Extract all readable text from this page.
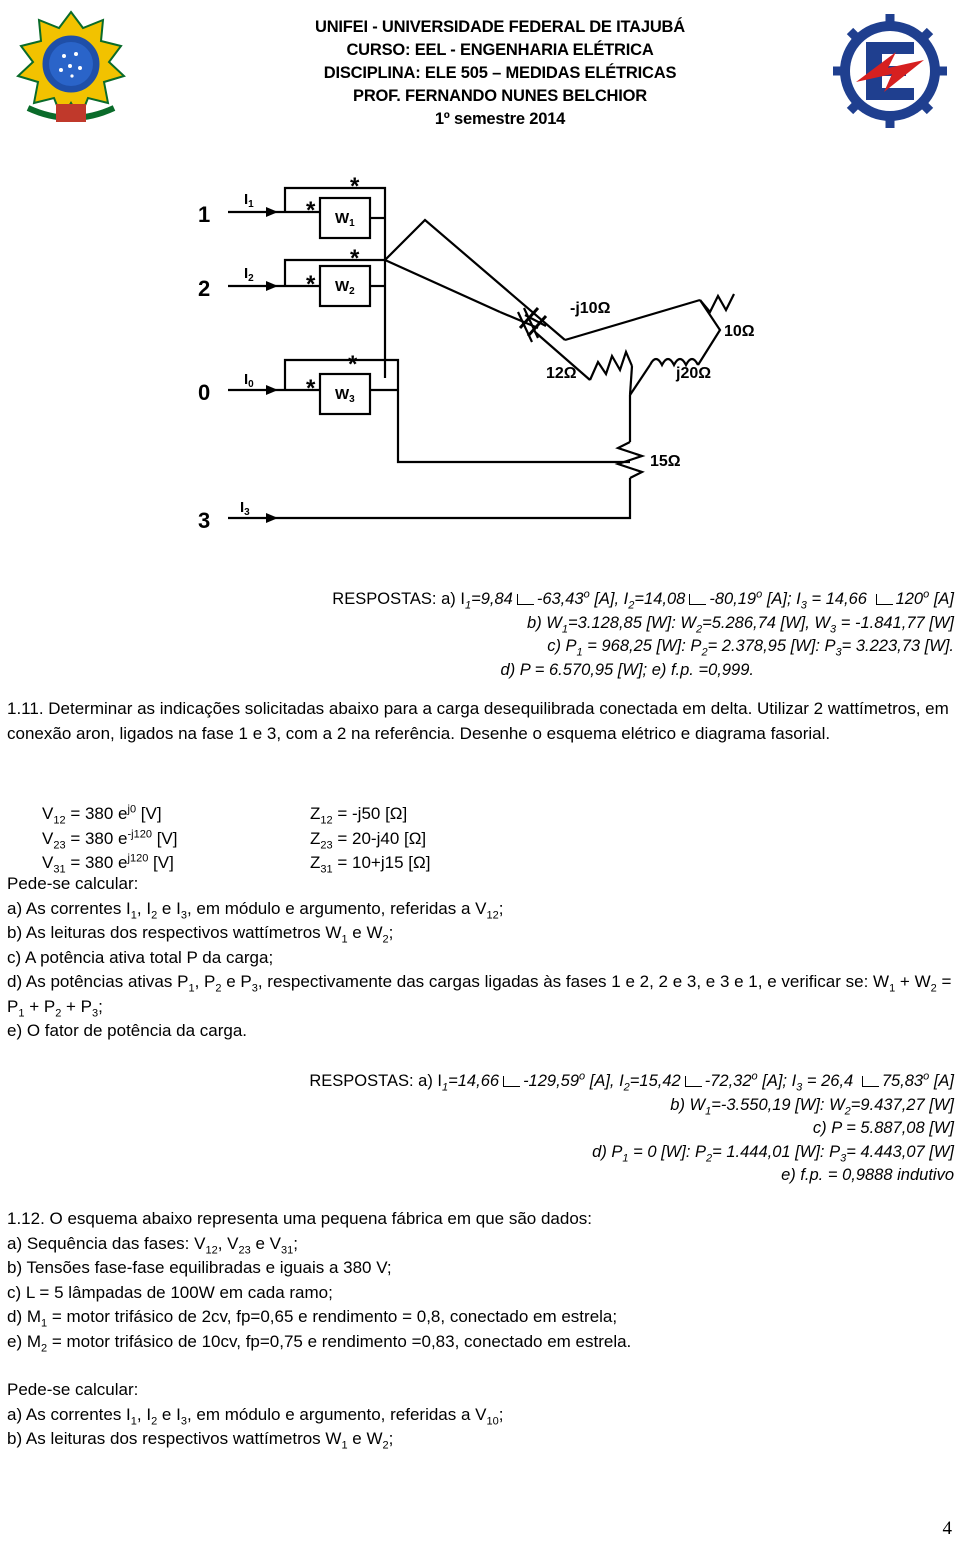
UNIFEI - UNIVERSIDADE FEDERAL DE ITAJUBÁ
CURSO: EEL - ENGENHARIA ELÉTRICA
DISCIPLINA: ELE 505 – MEDIDAS ELÉTRICAS
PROF. FERNANDO NUNES BELCHIOR
1º semestre 2014
1
2
0
3
$I_1$
$I_2$
$I_0$
$I_3$
$W_1$
$W_2$
$W_3$
*
*
*
*
*
*
-j10Ω
10Ω
12Ω	j20Ω
15Ω
RESPOSTAS: a) $I_1=9,84$ -63,43$^o$ [A], $I_2=14,08$ -80,19$^o$ [A]; $I_3 = 14,66$ 120$^o$ [A]
b) $W_1=3.128,85$ [W]: $W_2=5.286,74$ [W], $W_3 = -1.841,77$ [W]
c) $P_1 = 968,25$ [W]: $P_2= 2.378,95$ [W]: $P_3= 3.223,73$ [W].
d) P = 6.570,95 [W]; e) f.p. =0,999.
1.11. Determinar as indicações solicitadas abaixo para a carga desequilibrada conectada em delta. Utilizar 2 wattímetros, em conexão aron, ligados na fase 1 e 3, com a 2 na referência. Desenhe o esquema elétrico e diagrama fasorial.
$V_{12} = 380$ $e^{j0}$ [V]	$Z_{12} = -j50$ [Ω]
$V_{23} = 380$ $e^{-j120}$ [V]	$Z_{23} = 20-j40$ [Ω]
$V_{31} = 380$ $e^{j120}$ [V]	$Z_{31} = 10+j15$ [Ω]
Pede-se calcular:
a) As correntes $I_1$, $I_2$ e $I_3$, em módulo e argumento, referidas a $V_{12}$;
b) As leituras dos respectivos wattímetros $W_1$ e $W_2$;
c) A potência ativa total P da carga;
d) As potências ativas $P_1$, $P_2$ e $P_3$, respectivamente das cargas ligadas às fases 1 e 2, 2 e 3, e 3 e 1, e verificar se: $W_1 + W_2 = P_1 + P_2 + P_3$;
e) O fator de potência da carga.
RESPOSTAS: a) $I_1=14,66$ -129,59$^o$ [A], $I_2=15,42$ -72,32$^o$ [A]; $I_3 = 26,4$ 75,83$^o$ [A]
b) $W_1=-3.550,19$ [W]: $W_2=9.437,27$ [W]
c) P = 5.887,08 [W]
d) $P_1 = 0$ [W]: $P_2= 1.444,01$ [W]: $P_3= 4.443,07$ [W]
e) f.p. = 0,9888 indutivo
1.12. O esquema abaixo representa uma pequena fábrica em que são dados:
a) Sequência das fases: $V_{12}$, $V_{23}$ e $V_{31}$;
b) Tensões fase-fase equilibradas e iguais a 380 V;
c) L = 5 lâmpadas de 100W em cada ramo;
d) $M_1$ = motor trifásico de 2cv, fp=0,65 e rendimento = 0,8, conectado em estrela;
e) $M_2$ = motor trifásico de 10cv, fp=0,75 e rendimento =0,83, conectado em estrela.
Pede-se calcular:
a) As correntes $I_1$, $I_2$ e $I_3$, em módulo e argumento, referidas a $V_{10}$;
b) As leituras dos respectivos wattímetros $W_1$ e $W_2$;
4
